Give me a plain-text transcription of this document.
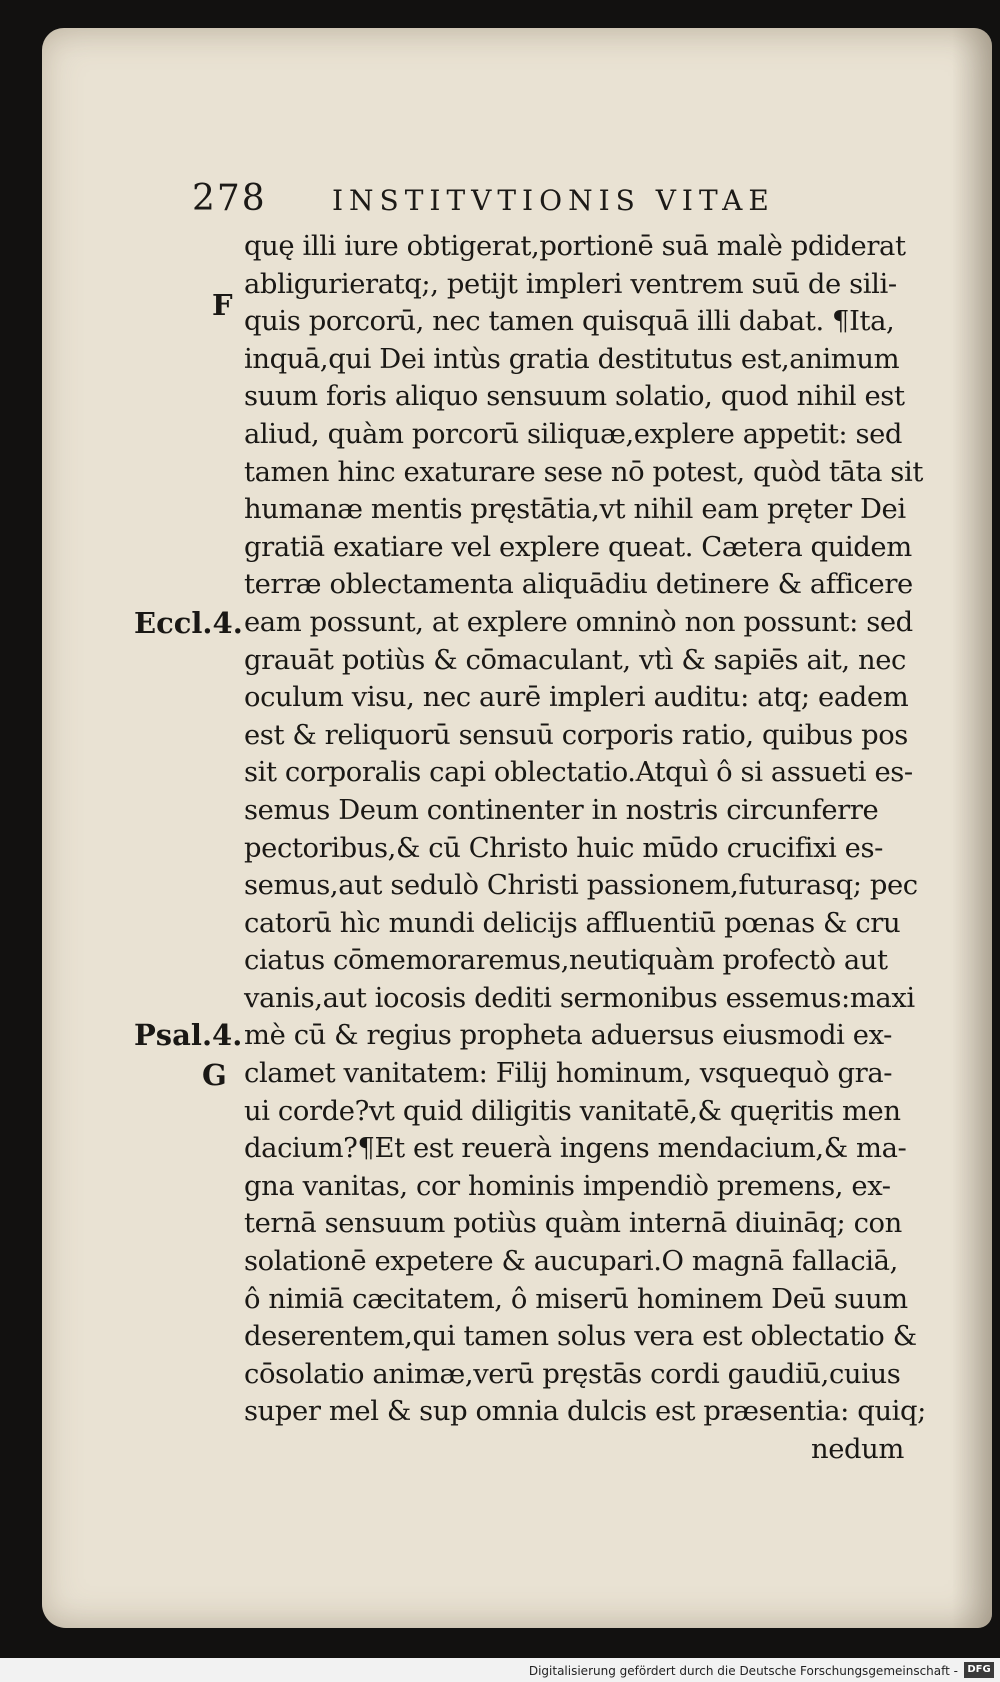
278 INSTITVTIONIS VITAE
F
Eccl.4.
Psal.4.
G
quę illi iure obtigerat,portionē suā malè pdiderat
abligurieratq;, petijt impleri ventrem suū de sili-
quis porcorū, nec tamen quisquā illi dabat. ¶Ita,
inquā,qui Dei intùs gratia destitutus est,animum
suum foris aliquo sensuum solatio, quod nihil est
aliud, quàm porcorū siliquæ,explere appetit: sed
tamen hinc exaturare sese nō potest, quòd tāta sit
humanæ mentis pręstātia,vt nihil eam pręter Dei
gratiā exatiare vel explere queat. Cætera quidem
terræ oblectamenta aliquādiu detinere & afficere
eam possunt, at explere omninò non possunt: sed
grauāt potiùs & cōmaculant, vtì & sapiēs ait, nec
oculum visu, nec aurē impleri auditu: atq; eadem
est & reliquorū sensuū corporis ratio, quibus pos
sit corporalis capi oblectatio.Atquì ô si assueti es-
semus Deum continenter in nostris circunferre
pectoribus,& cū Christo huic mūdo crucifixi es-
semus,aut sedulò Christi passionem,futurasq; pec
catorū hìc mundi delicijs affluentiū pœnas & cru
ciatus cōmemoraremus,neutiquàm profectò aut
vanis,aut iocosis dediti sermonibus essemus:maxi
mè cū & regius propheta aduersus eiusmodi ex-
clamet vanitatem: Filij hominum, vsquequò gra-
ui corde?vt quid diligitis vanitatē,& quęritis men
dacium?¶Et est reuerà ingens mendacium,& ma-
gna vanitas, cor hominis impendiò premens, ex-
ternā sensuum potiùs quàm internā diuināq; con
solationē expetere & aucupari.O magnā fallaciā,
ô nimiā cæcitatem, ô miserū hominem Deū suum
deserentem,qui tamen solus vera est oblectatio &
cōsolatio animæ,verū pręstās cordi gaudiū,cuius
super mel & sup omnia dulcis est præsentia: quiq;
nedum
Digitalisierung gefördert durch die Deutsche Forschungsgemeinschaft - DFG
